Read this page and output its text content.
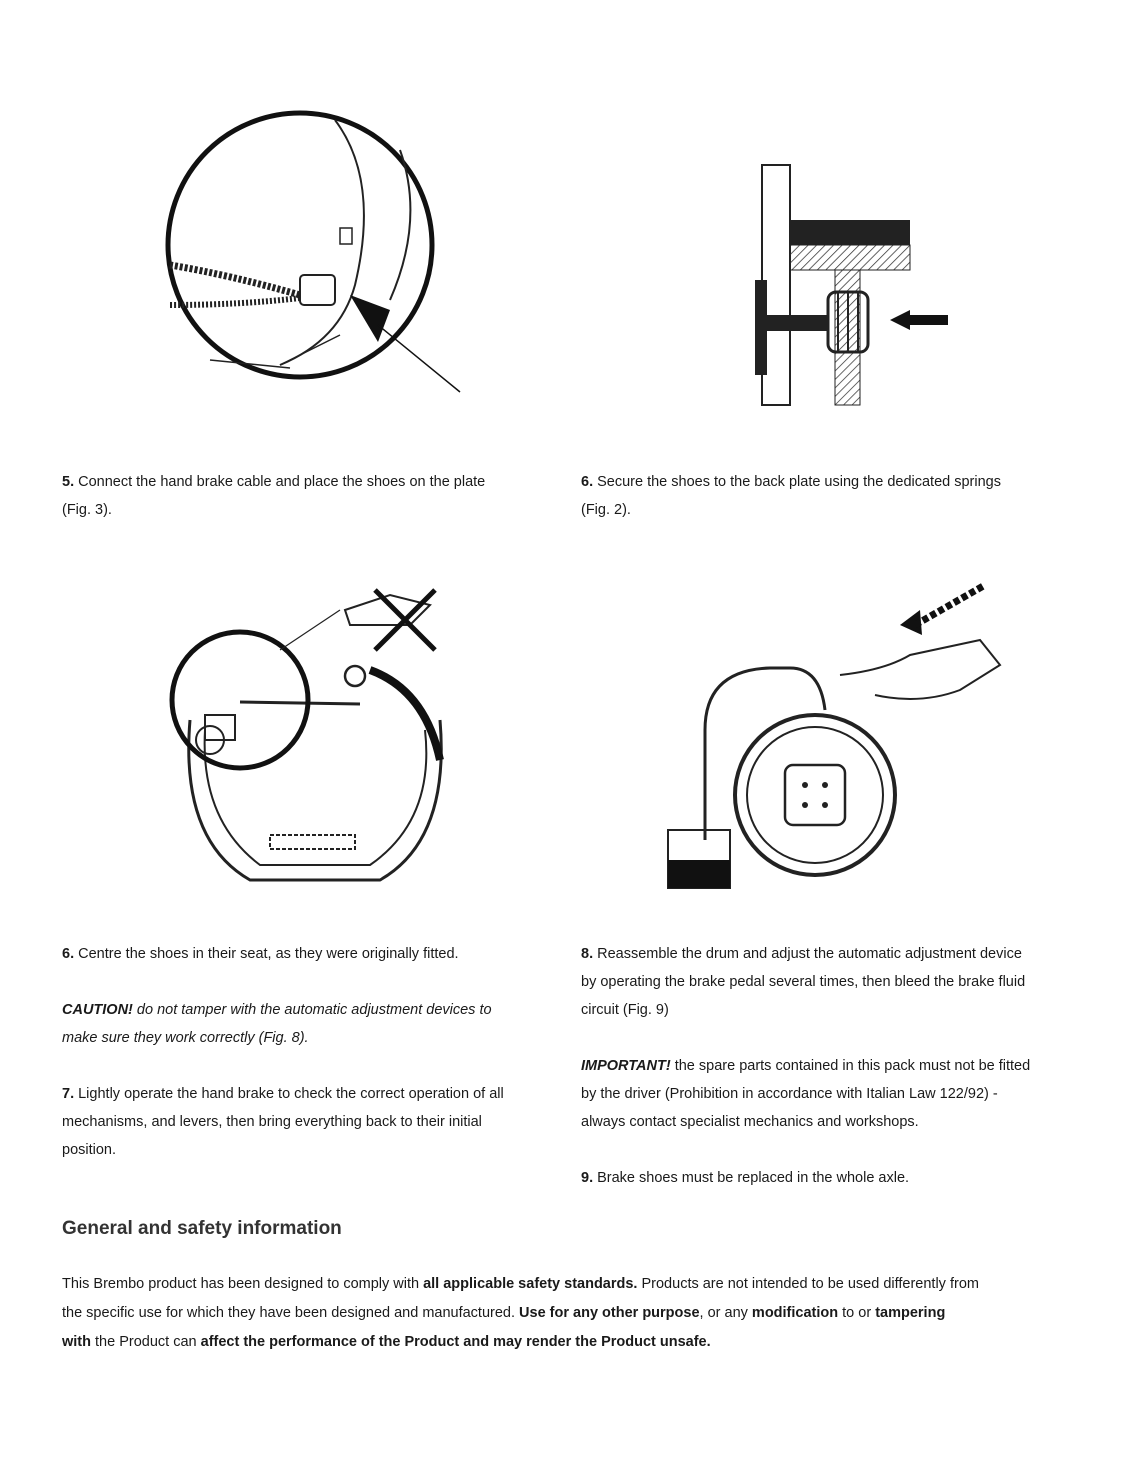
5. Connect the hand brake cable and place the shoes on the plate

(Fig. 3).

6. Secure the shoes to the back plate using the dedicated springs

(Fig. 2).

6. Centre the shoes in their seat, as they were originally fitted.

CAUTION! do not tamper with the automatic adjustment devices to

make sure they work correctly (Fig. 8).

7. Lightly operate the hand brake to check the correct operation of all

mechanisms, and levers, then bring everything back to their initial

position.

8. Reassemble the drum and adjust the automatic adjustment device

by operating the brake pedal several times, then bleed the brake fluid

circuit (Fig. 9)

IMPORTANT! the spare parts contained in this pack must not be fitted

by the driver (Prohibition in accordance with Italian Law 122/92) -

always contact specialist mechanics and workshops.

9. Brake shoes must be replaced in the whole axle.

General and safety information

This Brembo product has been designed to comply with all applicable safety standards. Products are not intended to be used differently from

the specific use for which they have been designed and manufactured. Use for any other purpose, or any modification to or tampering

with the Product can affect the performance of the Product and may render the Product unsafe.
